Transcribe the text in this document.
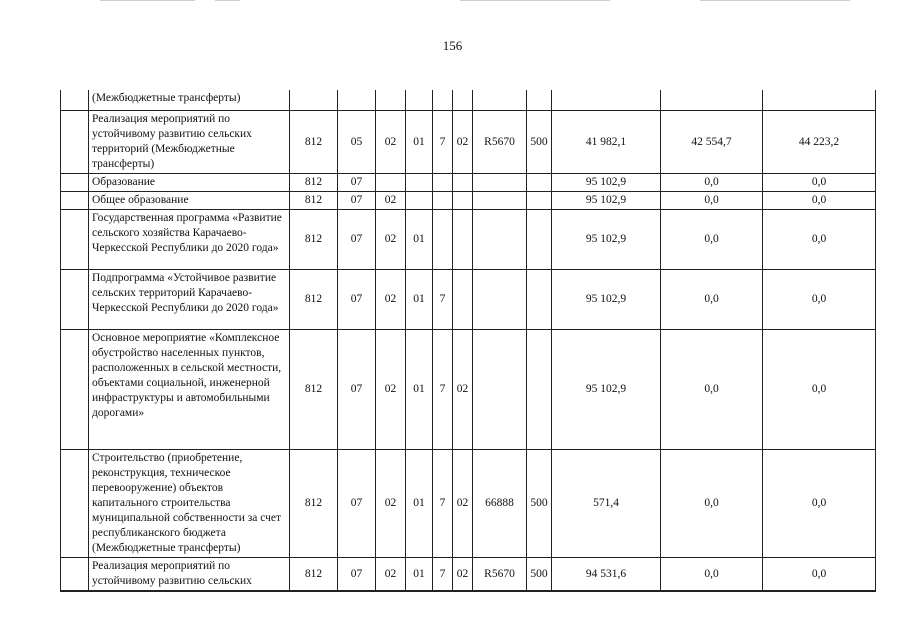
156
	(Межбюджетные трансферты)											
	Реализация мероприятий по устойчивому развитию сельских территорий (Межбюджетные трансферты)	812	05	02	01	7	02	R5670	500	41 982,1	42 554,7	44 223,2
	Образование	812	07							95 102,9	0,0	0,0
	Общее образование	812	07	02						95 102,9	0,0	0,0
	Государственная программа «Развитие сельского хозяйства Карачаево-Черкесской Республики до 2020 года»	812	07	02	01					95 102,9	0,0	0,0
	Подпрограмма «Устойчивое развитие сельских территорий Карачаево-Черкесской Республики до 2020 года»	812	07	02	01	7				95 102,9	0,0	0,0
	Основное мероприятие «Комплексное обустройство населенных пунктов, расположенных в сельской местности, объектами социальной, инженерной инфраструктуры и автомобильными дорогами»	812	07	02	01	7	02			95 102,9	0,0	0,0
	Строительство (приобретение, реконструкция, техническое перевооружение) объектов капитального строительства муниципальной собственности за счет республиканского бюджета (Межбюджетные трансферты)	812	07	02	01	7	02	66888	500	571,4	0,0	0,0
	Реализация мероприятий по устойчивому развитию сельских	812	07	02	01	7	02	R5670	500	94 531,6	0,0	0,0
